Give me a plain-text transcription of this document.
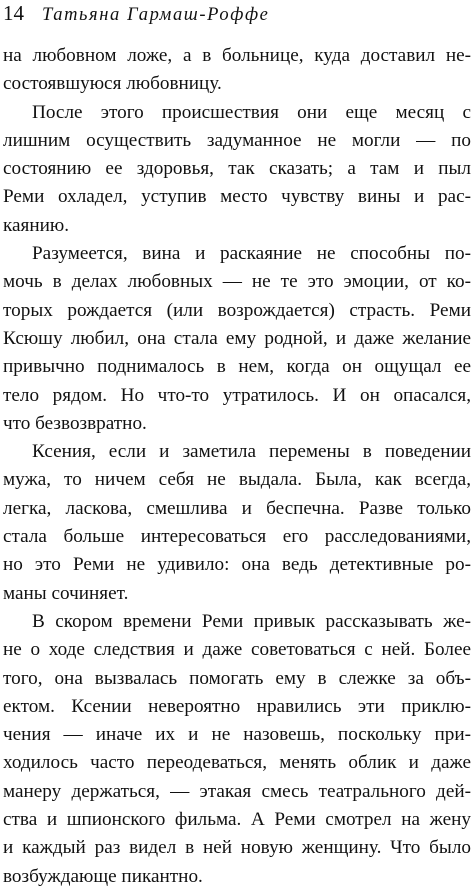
14 Татьяна Гармаш-Роффе
на любовном ложе, а в больнице, куда доставил не-
состоявшуюся любовницу.
После этого происшествия они еще месяц с
лишним осуществить задуманное не могли — по
состоянию ее здоровья, так сказать; а там и пыл
Реми охладел, уступив место чувству вины и рас-
каянию.
Разумеется, вина и раскаяние не способны по-
мочь в делах любовных — не те это эмоции, от ко-
торых рождается (или возрождается) страсть. Реми
Ксюшу любил, она стала ему родной, и даже желание
привычно поднималось в нем, когда он ощущал ее
тело рядом. Но что-то утратилось. И он опасался,
что безвозвратно.
Ксения, если и заметила перемены в поведении
мужа, то ничем себя не выдала. Была, как всегда,
легка, ласкова, смешлива и беспечна. Разве только
стала больше интересоваться его расследованиями,
но это Реми не удивило: она ведь детективные ро-
маны сочиняет.
В скором времени Реми привык рассказывать же-
не о ходе следствия и даже советоваться с ней. Более
того, она вызвалась помогать ему в слежке за объ-
ектом. Ксении невероятно нравились эти приклю-
чения — иначе их и не назовешь, поскольку при-
ходилось часто переодеваться, менять облик и даже
манеру держаться, — этакая смесь театрального дей-
ства и шпионского фильма. А Реми смотрел на жену
и каждый раз видел в ней новую женщину. Что было
возбуждающе пикантно.
